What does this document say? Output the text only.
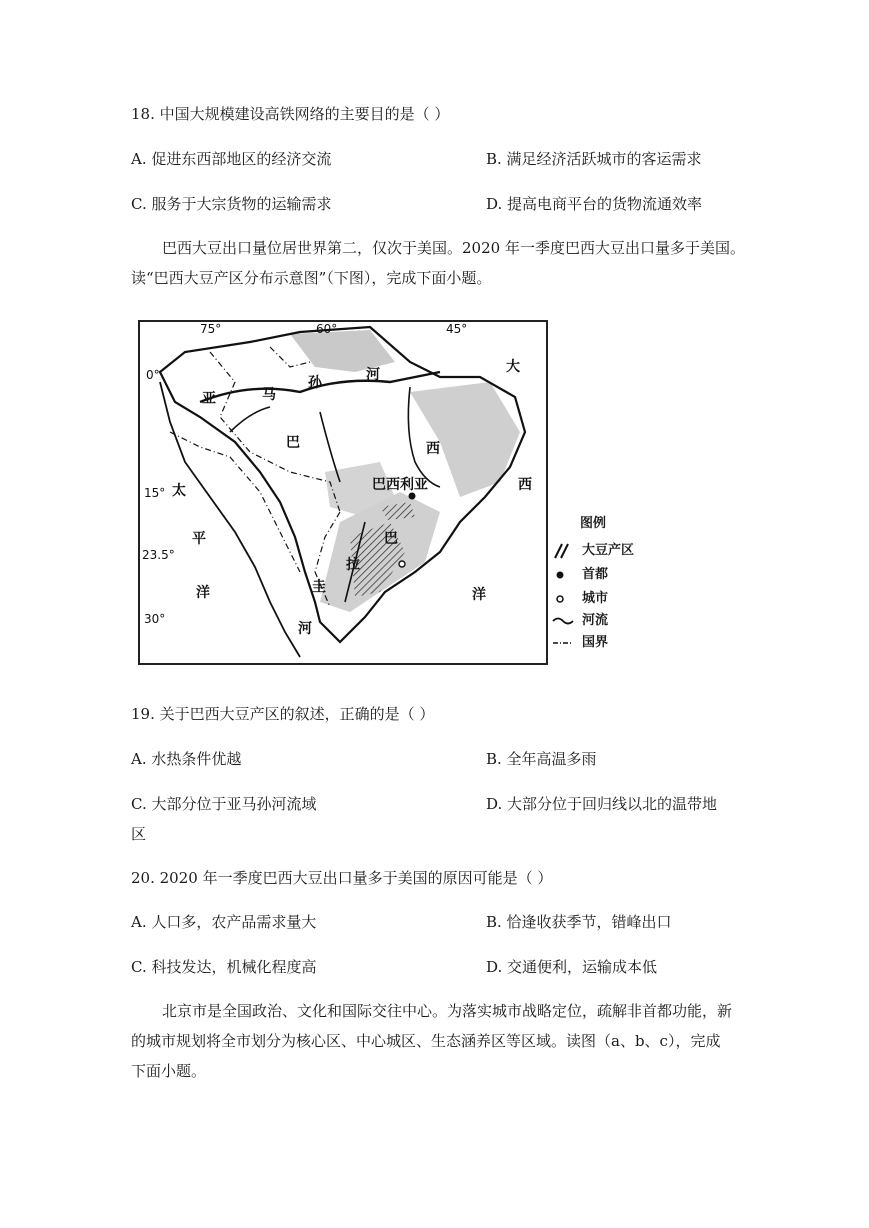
18. 中国大规模建设高铁网络的主要目的是（ ）
A. 促进东西部地区的经济交流	B. 满足经济活跃城市的客运需求
C. 服务于大宗货物的运输需求	D. 提高电商平台的货物流通效率
巴西大豆出口量位居世界第二，仅次于美国。2020 年一季度巴西大豆出口量多于美国。
读“巴西大豆产区分布示意图”（下图），完成下面小题。
75°	60°	45°
0°
15°
23.5°
30°
亚	马
孙	河
巴	西
巴西利亚
巴
拉
圭
河
太
平
洋
大
西
洋
图例
大豆产区
首都
城市
河流
国界
19. 关于巴西大豆产区的叙述，正确的是（ ）
A. 水热条件优越	B. 全年高温多雨
C. 大部分位于亚马孙河流域	D. 大部分位于回归线以北的温带地
区
20. 2020 年一季度巴西大豆出口量多于美国的原因可能是（ ）
A. 人口多，农产品需求量大	B. 恰逢收获季节，错峰出口
C. 科技发达，机械化程度高	D. 交通便利，运输成本低
北京市是全国政治、文化和国际交往中心。为落实城市战略定位，疏解非首都功能，新
的城市规划将全市划分为核心区、中心城区、生态涵养区等区域。读图（a、b、c），完成
下面小题。
